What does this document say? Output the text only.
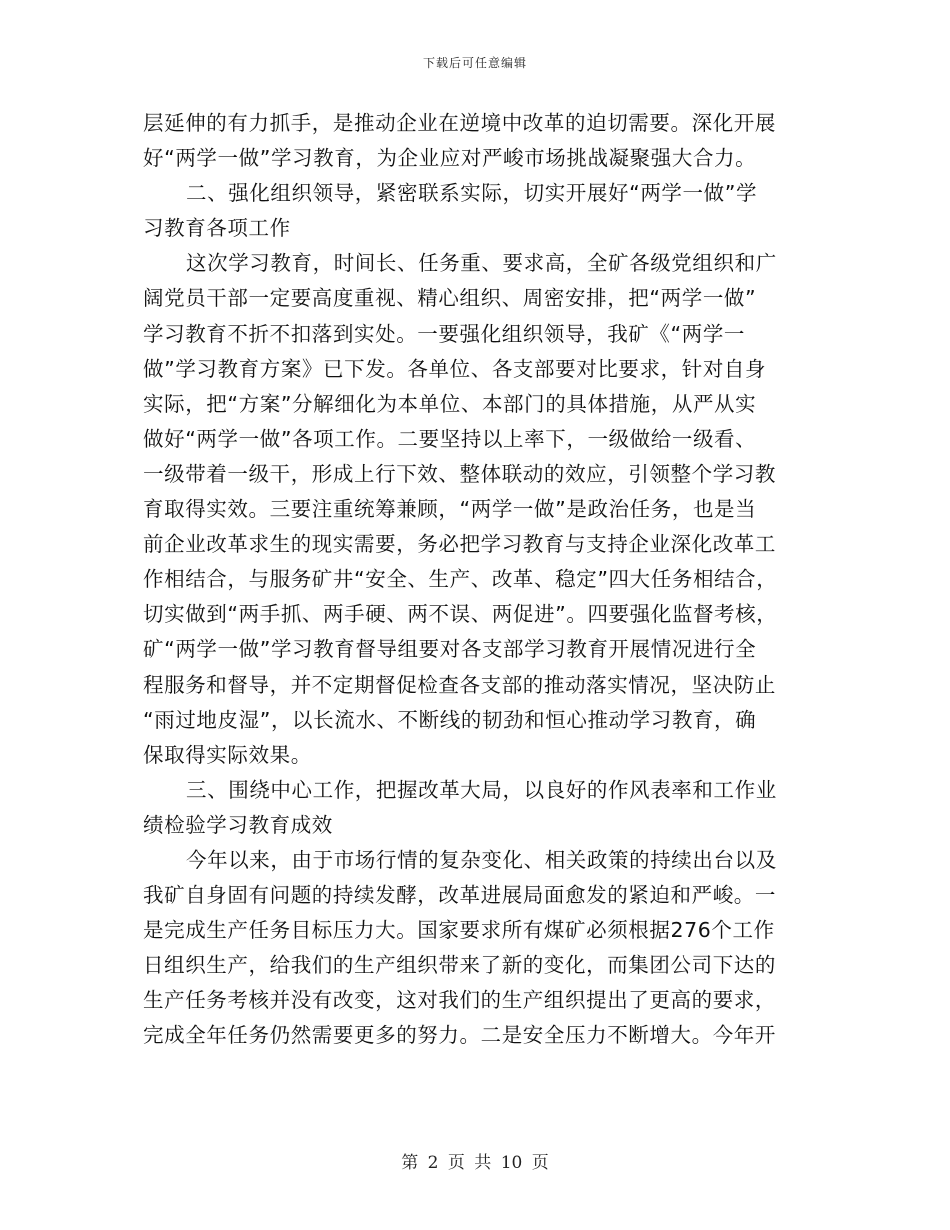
下载后可任意编辑
层延伸的有力抓手，是推动企业在逆境中改革的迫切需要。深化开展
好“两学一做”学习教育，为企业应对严峻市场挑战凝聚强大合力。
二、强化组织领导，紧密联系实际，切实开展好“两学一做”学
习教育各项工作
这次学习教育，时间长、任务重、要求高，全矿各级党组织和广
阔党员干部一定要高度重视、精心组织、周密安排，把“两学一做”
学习教育不折不扣落到实处。一要强化组织领导，我矿《“两学一
做”学习教育方案》已下发。各单位、各支部要对比要求，针对自身
实际，把“方案”分解细化为本单位、本部门的具体措施，从严从实
做好“两学一做”各项工作。二要坚持以上率下，一级做给一级看、
一级带着一级干，形成上行下效、整体联动的效应，引领整个学习教
育取得实效。三要注重统筹兼顾，“两学一做”是政治任务，也是当
前企业改革求生的现实需要，务必把学习教育与支持企业深化改革工
作相结合，与服务矿井“安全、生产、改革、稳定”四大任务相结合，
切实做到“两手抓、两手硬、两不误、两促进”。四要强化监督考核，
矿“两学一做”学习教育督导组要对各支部学习教育开展情况进行全
程服务和督导，并不定期督促检查各支部的推动落实情况，坚决防止
“雨过地皮湿”，以长流水、不断线的韧劲和恒心推动学习教育，确
保取得实际效果。
三、围绕中心工作，把握改革大局，以良好的作风表率和工作业
绩检验学习教育成效
今年以来，由于市场行情的复杂变化、相关政策的持续出台以及
我矿自身固有问题的持续发酵，改革进展局面愈发的紧迫和严峻。一
是完成生产任务目标压力大。国家要求所有煤矿必须根据276个工作
日组织生产，给我们的生产组织带来了新的变化，而集团公司下达的
生产任务考核并没有改变，这对我们的生产组织提出了更高的要求，
完成全年任务仍然需要更多的努力。二是安全压力不断增大。今年开
第 2 页 共 10 页
